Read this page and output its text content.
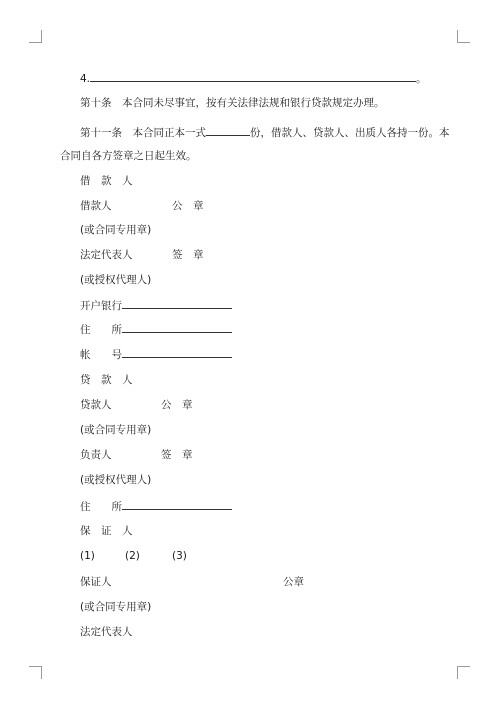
4.	。
第十条　本合同未尽事宜，按有关法律法规和银行贷款规定办理。
第十一条　本合同正本一式	份，借款人、贷款人、出质人各持一份。本
合同自各方签章之日起生效。
借　款　人
借款人	公　章
(或合同专用章)
法定代表人	签　章
(或授权代理人)
开户银行
住　　所
帐　　号
贷　款　人
贷款人	公　章
(或合同专用章)
负责人	签　章
(或授权代理人)
住　　所
保　证　人
(1)	(2)	(3)
保证人	公章
(或合同专用章)
法定代表人
